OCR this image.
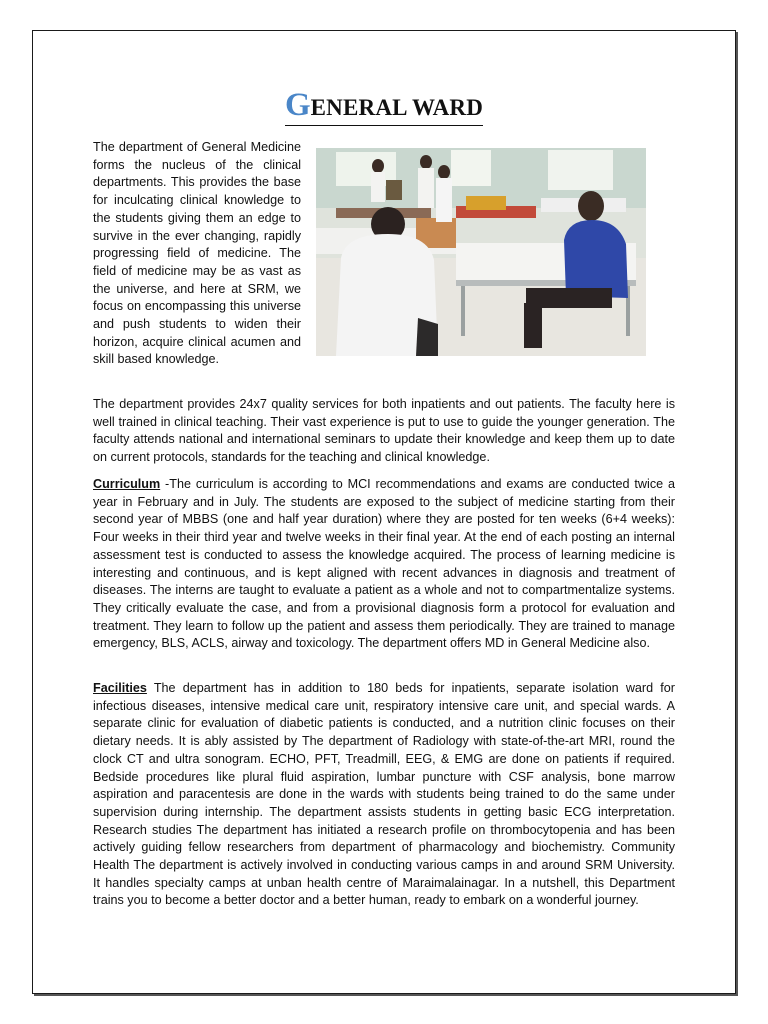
GENERAL WARD

The department of General Medicine forms the nucleus of the clinical departments. This provides the base for inculcating clinical knowledge to the students giving them an edge to survive in the ever changing, rapidly progressing field of medicine. The field of medicine may be as vast as the universe, and here at SRM, we focus on encompassing this universe and push students to widen their horizon, acquire clinical acumen and skill based knowledge.

The department provides 24x7 quality services for both inpatients and out patients. The faculty here is well trained in clinical teaching. Their vast experience is put to use to guide the younger generation. The faculty attends national and international seminars to update their knowledge and keep them up to date on current protocols, standards for the teaching and clinical knowledge.

Curriculum -The curriculum is according to MCI recommendations and exams are conducted twice a year in February and in July. The students are exposed to the subject of medicine starting from their second year of MBBS (one and half year duration) where they are posted for ten weeks (6+4 weeks): Four weeks in their third year and twelve weeks in their final year. At the end of each posting an internal assessment test is conducted to assess the knowledge acquired. The process of learning medicine is interesting and continuous, and is kept aligned with recent advances in diagnosis and treatment of diseases. The interns are taught to evaluate a patient as a whole and not to compartmentalize systems. They critically evaluate the case, and from a provisional diagnosis form a protocol for evaluation and treatment. They learn to follow up the patient and assess them periodically. They are trained to manage emergency, BLS, ACLS, airway and toxicology. The department offers MD in General Medicine also.

Facilities The department has in addition to 180 beds for inpatients, separate isolation ward for infectious diseases, intensive medical care unit, respiratory intensive care unit, and special wards. A separate clinic for evaluation of diabetic patients is conducted, and a nutrition clinic focuses on their dietary needs. It is ably assisted by The department of Radiology with state-of-the-art MRI, round the clock CT and ultra sonogram. ECHO, PFT, Treadmill, EEG, & EMG are done on patients if required. Bedside procedures like plural fluid aspiration, lumbar puncture with CSF analysis, bone marrow aspiration and paracentesis are done in the wards with students being trained to do the same under supervision during internship. The department assists students in getting basic ECG interpretation. Research studies The department has initiated a research profile on thrombocytopenia and has been actively guiding fellow researchers from department of pharmacology and biochemistry. Community Health The department is actively involved in conducting various camps in and around SRM University. It handles specialty camps at unban health centre of Maraimalainagar. In a nutshell, this Department trains you to become a better doctor and a better human, ready to embark on a wonderful journey.
